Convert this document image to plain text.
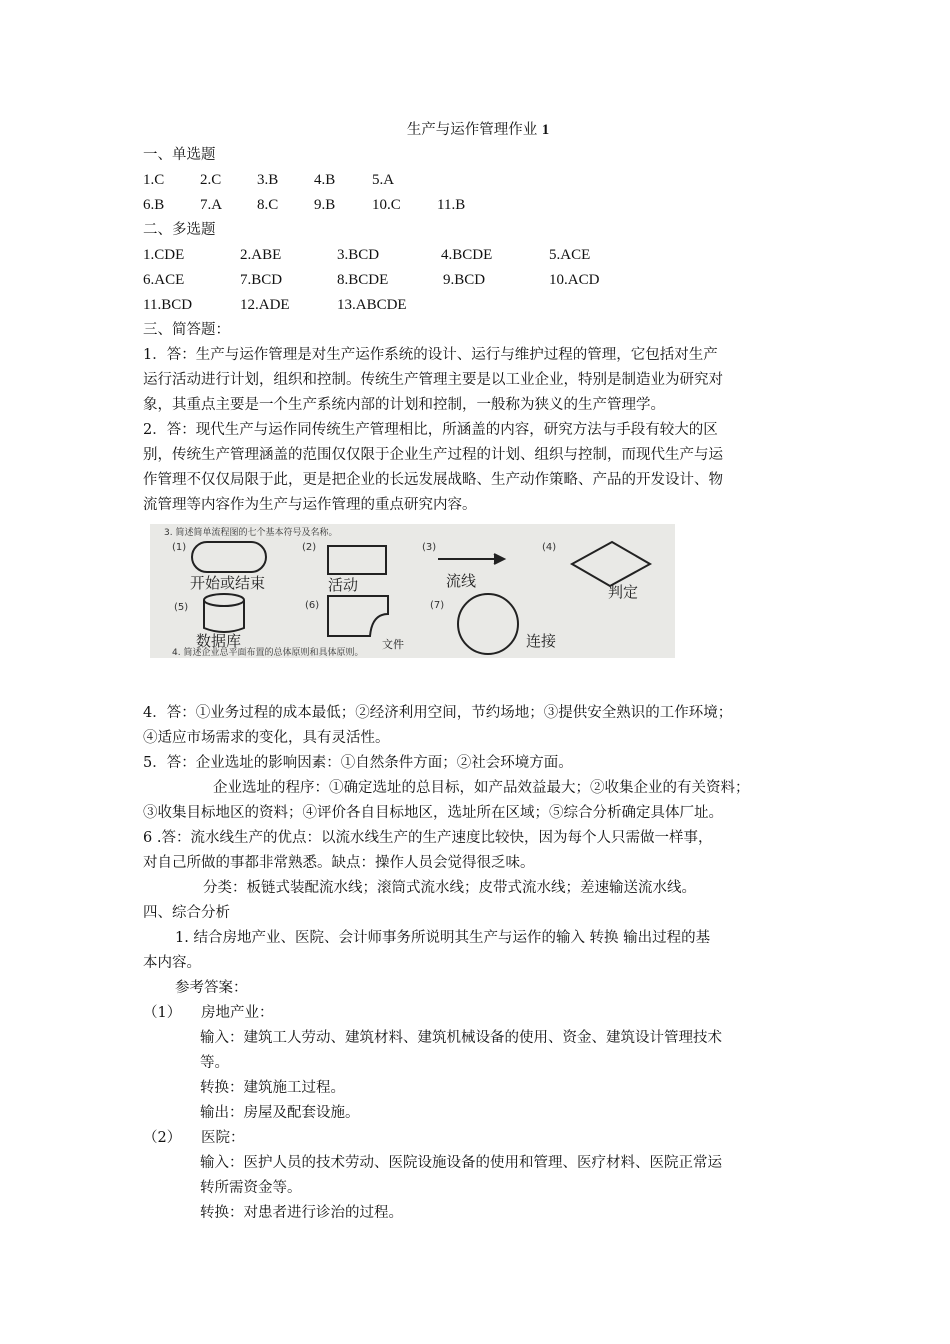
生产与运作管理作业 1
一、单选题
1.C 2.C 3.B 4.B 5.A
6.B 7.A 8.C 9.B 10.C 11.B
二、多选题
1.CDE	2.ABE	3.BCD	4.BCDE	5.ACE
6.ACE	7.BCD	8.BCDE	9.BCD	10.ACD
11.BCD	12.ADE	13.ABCDE
三、简答题：
1．答：生产与运作管理是对生产运作系统的设计、运行与维护过程的管理，它包括对生产
运行活动进行计划，组织和控制。传统生产管理主要是以工业企业，特别是制造业为研究对
象，其重点主要是一个生产系统内部的计划和控制，一般称为狭义的生产管理学。
2．答：现代生产与运作同传统生产管理相比，所涵盖的内容，研究方法与手段有较大的区
别，传统生产管理涵盖的范围仅仅限于企业生产过程的计划、组织与控制，而现代生产与运
作管理不仅仅局限于此，更是把企业的长远发展战略、生产动作策略、产品的开发设计、物
流管理等内容作为生产与运作管理的重点研究内容。
4．答：①业务过程的成本最低；②经济利用空间，节约场地；③提供安全熟识的工作环境；
④适应市场需求的变化，具有灵活性。
5．答：企业选址的影响因素：①自然条件方面；②社会环境方面。
企业选址的程序：①确定选址的总目标，如产品效益最大；②收集企业的有关资料；
③收集目标地区的资料；④评价各自目标地区，选址所在区域；⑤综合分析确定具体厂址。
6 .答：流水线生产的优点：以流水线生产的生产速度比较快，因为每个人只需做一样事，
对自己所做的事都非常熟悉。缺点：操作人员会觉得很乏味。
分类：板链式装配流水线；滚筒式流水线；皮带式流水线；差速输送流水线。
四、综合分析
1. 结合房地产业、医院、会计师事务所说明其生产与运作的输入 转换 输出过程的基
本内容。
参考答案：
（1） 房地产业：
输入：建筑工人劳动、建筑材料、建筑机械设备的使用、资金、建筑设计管理技术
等。
转换：建筑施工过程。
输出：房屋及配套设施。
（2） 医院：
输入：医护人员的技术劳动、医院设施设备的使用和管理、医疗材料、医院正常运
转所需资金等。
转换：对患者进行诊治的过程。
3. 简述简单流程图的七个基本符号及名称。
4. 简述企业总平面布置的总体原则和具体原则。
(1)	(2)	(3)	(4)
(5)	(6)	(7)
开始或结束	活动	流线
判定
数据库	文件	连接
